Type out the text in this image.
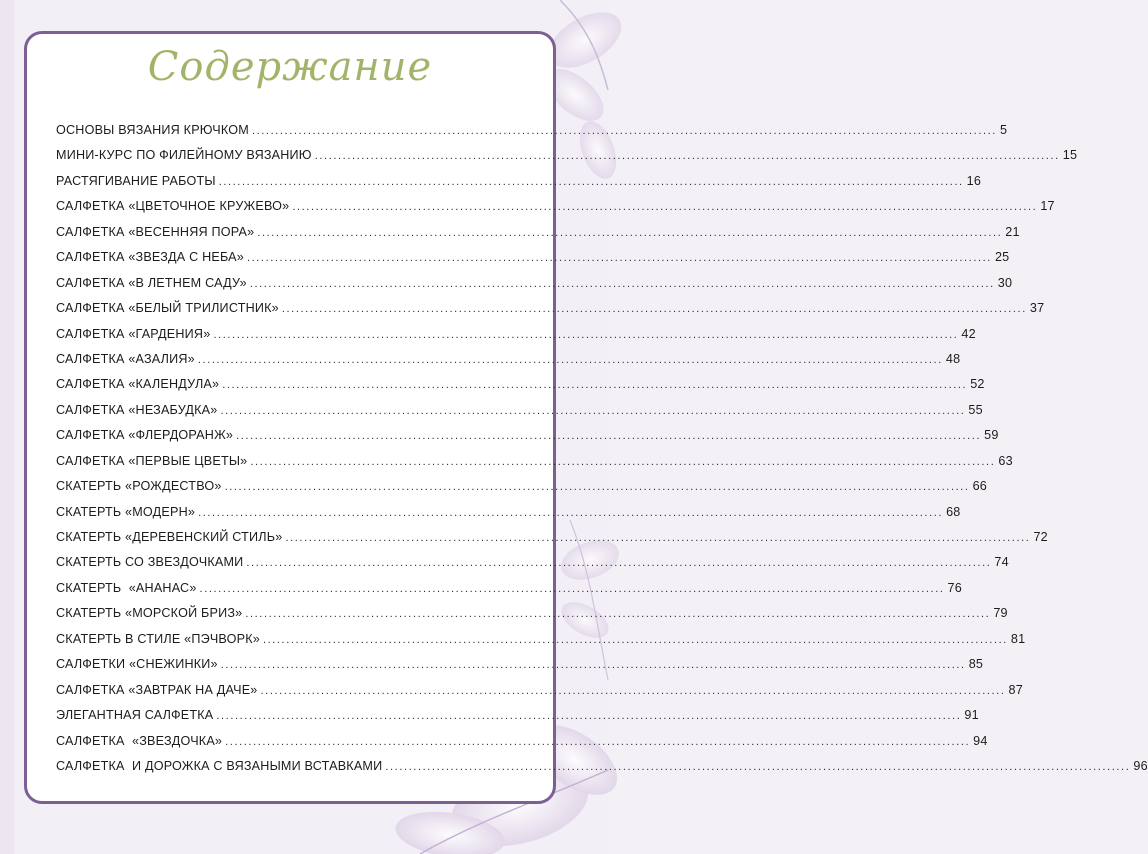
Содержание
ОСНОВЫ ВЯЗАНИЯ КРЮЧКОМ ................................................................................................................................................................ 5
МИНИ-КУРС ПО ФИЛЕЙНОМУ ВЯЗАНИЮ ................................................................................................................................................................ 15
РАСТЯГИВАНИЕ РАБОТЫ ................................................................................................................................................................ 16
САЛФЕТКА «ЦВЕТОЧНОЕ КРУЖЕВО» ................................................................................................................................................................ 17
САЛФЕТКА «ВЕСЕННЯЯ ПОРА» ................................................................................................................................................................ 21
САЛФЕТКА «ЗВЕЗДА С НЕБА» ................................................................................................................................................................ 25
САЛФЕТКА «В ЛЕТНЕМ САДУ» ................................................................................................................................................................ 30
САЛФЕТКА «БЕЛЫЙ ТРИЛИСТНИК» ................................................................................................................................................................ 37
САЛФЕТКА «ГАРДЕНИЯ» ................................................................................................................................................................ 42
САЛФЕТКА «АЗАЛИЯ» ................................................................................................................................................................ 48
САЛФЕТКА «КАЛЕНДУЛА» ................................................................................................................................................................ 52
САЛФЕТКА «НЕЗАБУДКА» ................................................................................................................................................................ 55
САЛФЕТКА «ФЛЕРДОРАНЖ» ................................................................................................................................................................ 59
САЛФЕТКА «ПЕРВЫЕ ЦВЕТЫ» ................................................................................................................................................................ 63
СКАТЕРТЬ «РОЖДЕСТВО» ................................................................................................................................................................ 66
СКАТЕРТЬ «МОДЕРН» ................................................................................................................................................................ 68
СКАТЕРТЬ «ДЕРЕВЕНСКИЙ СТИЛЬ» ................................................................................................................................................................ 72
СКАТЕРТЬ СО ЗВЕЗДОЧКАМИ ................................................................................................................................................................ 74
СКАТЕРТЬ  «АНАНАС» ................................................................................................................................................................ 76
СКАТЕРТЬ «МОРСКОЙ БРИЗ» ................................................................................................................................................................ 79
СКАТЕРТЬ В СТИЛЕ «ПЭЧВОРК» ................................................................................................................................................................ 81
САЛФЕТКИ «СНЕЖИНКИ» ................................................................................................................................................................ 85
САЛФЕТКА «ЗАВТРАК НА ДАЧЕ» ................................................................................................................................................................ 87
ЭЛЕГАНТНАЯ САЛФЕТКА ................................................................................................................................................................ 91
САЛФЕТКА  «ЗВЕЗДОЧКА» ................................................................................................................................................................ 94
САЛФЕТКА  И ДОРОЖКА С ВЯЗАНЫМИ ВСТАВКАМИ ................................................................................................................................................................ 96
